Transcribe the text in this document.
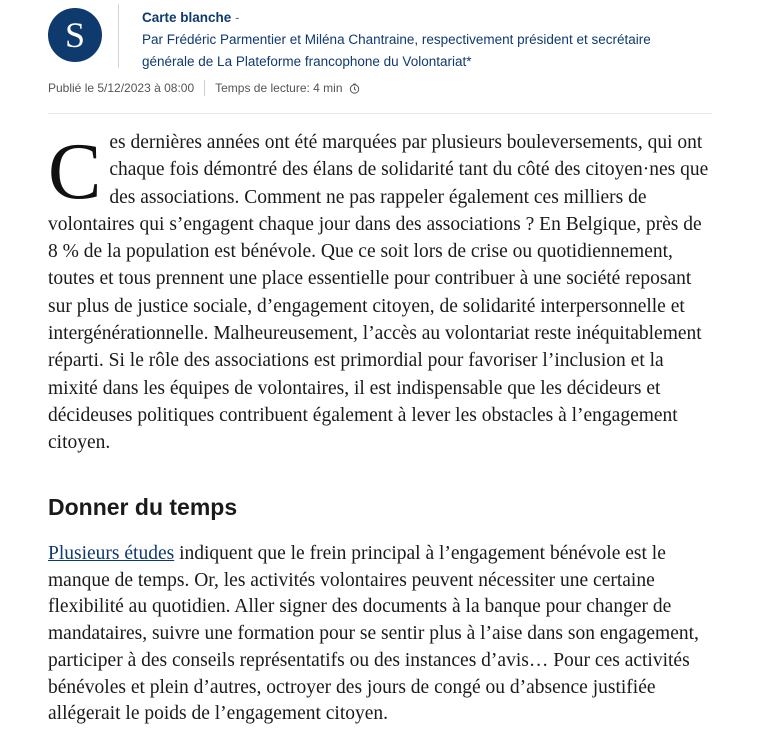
S	Carte blanche -
Par Frédéric Parmentier et Miléna Chantraine, respectivement président et secrétaire générale de La Plateforme francophone du Volontariat*
Publié le 5/12/2023 à 08:00 Temps de lecture: 4 min

Ces dernières années ont été marquées par plusieurs bouleversements, qui ont chaque fois démontré des élans de solidarité tant du côté des citoyen·nes que des associations. Comment ne pas rappeler également ces milliers de volontaires qui s’engagent chaque jour dans des associations ? En Belgique, près de 8 % de la population est bénévole. Que ce soit lors de crise ou quotidiennement, toutes et tous prennent une place essentielle pour contribuer à une société reposant sur plus de justice sociale, d’engagement citoyen, de solidarité interpersonnelle et intergénérationnelle. Malheureusement, l’accès au volontariat reste inéquitablement réparti. Si le rôle des associations est primordial pour favoriser l’inclusion et la mixité dans les équipes de volontaires, il est indispensable que les décideurs et décideuses politiques contribuent également à lever les obstacles à l’engagement citoyen.

Donner du temps

Plusieurs études indiquent que le frein principal à l’engagement bénévole est le manque de temps. Or, les activités volontaires peuvent nécessiter une certaine flexibilité au quotidien. Aller signer des documents à la banque pour changer de mandataires, suivre une formation pour se sentir plus à l’aise dans son engagement, participer à des conseils représentatifs ou des instances d’avis… Pour ces activités bénévoles et plein d’autres, octroyer des jours de congé ou d’absence justifiée allégerait le poids de l’engagement citoyen.
